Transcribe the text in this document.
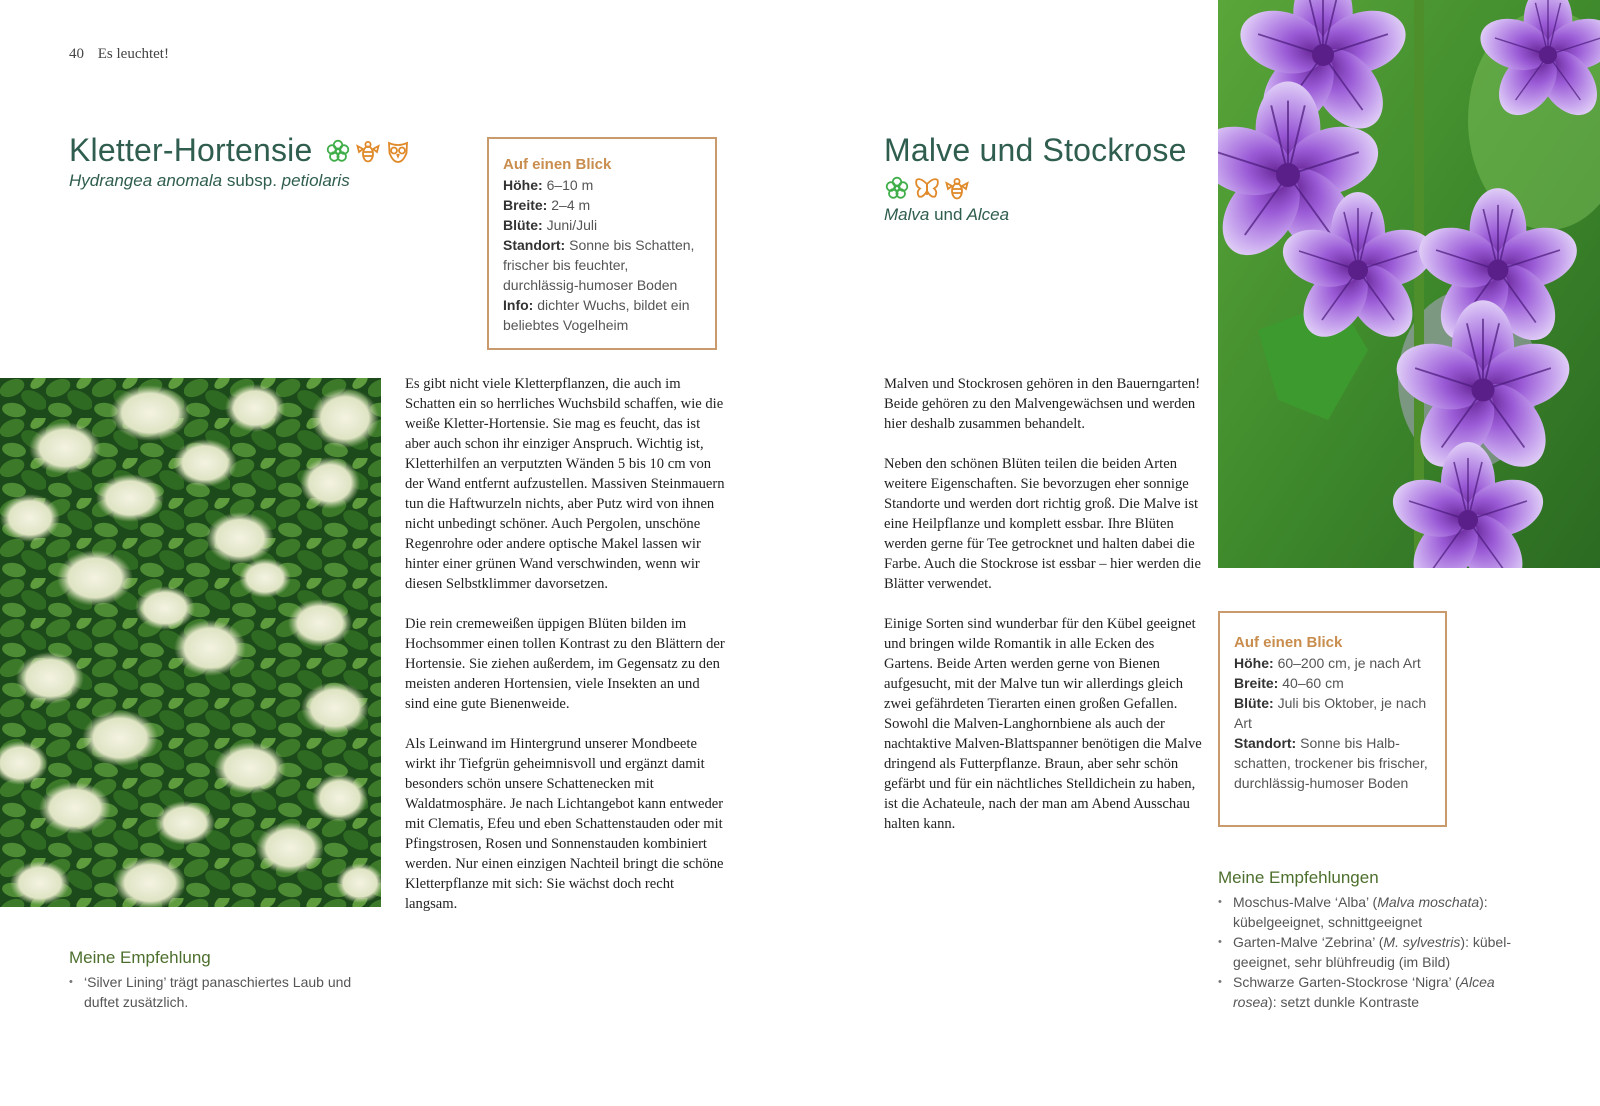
40 Es leuchtet!
Kletter-Hortensie
Hydrangea anomala subsp. petiolaris
Auf einen Blick
Höhe: 6–10 m
Breite: 2–4 m
Blüte: Juni/Juli
Standort: Sonne bis Schatten, frischer bis feuchter, durchlässig-humoser Boden
Info: dichter Wuchs, bildet ein beliebtes Vogelheim

Es gibt nicht viele Kletterpflanzen, die auch im Schatten ein so herrliches Wuchsbild schaffen, wie die weiße Kletter-Hortensie. Sie mag es feucht, das ist aber auch schon ihr einziger Anspruch. Wichtig ist, Kletterhilfen an verputzten Wänden 5 bis 10 cm von der Wand entfernt aufzustellen. Massiven Steinmauern tun die Haftwurzeln nichts, aber Putz wird von ihnen nicht unbedingt schöner. Auch Pergolen, unschöne Regenrohre oder andere optische Makel lassen wir hinter einer grünen Wand verschwinden, wenn wir diesen Selbstklimmer davorsetzen.

Die rein cremeweißen üppigen Blüten bilden im Hochsommer einen tollen Kontrast zu den Blättern der Hortensie. Sie ziehen außerdem, im Gegensatz zu den meisten anderen Hortensien, viele Insekten an und sind eine gute Bienenweide.

Als Leinwand im Hintergrund unserer Mondbeete wirkt ihr Tiefgrün geheimnisvoll und ergänzt damit besonders schön unsere Schattenecken mit Waldatmosphäre. Je nach Lichtangebot kann entweder mit Clematis, Efeu und eben Schattenstauden oder mit Pfingstrosen, Rosen und Sonnenstauden kombiniert werden. Nur einen einzigen Nachteil bringt die schöne Kletterpflanze mit sich: Sie wächst doch recht langsam.

Meine Empfehlung
• ‘Silver Lining’ trägt panaschiertes Laub und duftet zusätzlich.
Malve und Stockrose
Malva und Alcea

Malven und Stockrosen gehören in den Bauerngarten! Beide gehören zu den Malvengewächsen und werden hier deshalb zusammen behandelt.

Neben den schönen Blüten teilen die beiden Arten weitere Eigenschaften. Sie bevorzugen eher sonnige Standorte und werden dort richtig groß. Die Malve ist eine Heilpflanze und komplett essbar. Ihre Blüten werden gerne für Tee getrocknet und halten dabei die Farbe. Auch die Stockrose ist essbar – hier werden die Blätter verwendet.

Einige Sorten sind wunderbar für den Kübel geeignet und bringen wilde Romantik in alle Ecken des Gartens. Beide Arten werden gerne von Bienen aufgesucht, mit der Malve tun wir allerdings gleich zwei gefährdeten Tierarten einen großen Gefallen. Sowohl die Malven-Langhornbiene als auch der nachtaktive Malven-Blattspanner benötigen die Malve dringend als Futterpflanze. Braun, aber sehr schön gefärbt und für ein nächtliches Stelldichein zu haben, ist die Achateule, nach der man am Abend Ausschau halten kann.

Auf einen Blick
Höhe: 60–200 cm, je nach Art
Breite: 40–60 cm
Blüte: Juli bis Oktober, je nach Art
Standort: Sonne bis Halbschatten, trockener bis frischer, durchlässig-humoser Boden
Meine Empfehlungen
• Moschus-Malve ‘Alba’ (Malva moschata): kübelgeeignet, schnittgeeignet
• Garten-Malve ‘Zebrina’ (M. sylvestris): kübelgeeignet, sehr blühfreudig (im Bild)
• Schwarze Garten-Stockrose ‘Nigra’ (Alcea rosea): setzt dunkle Kontraste
